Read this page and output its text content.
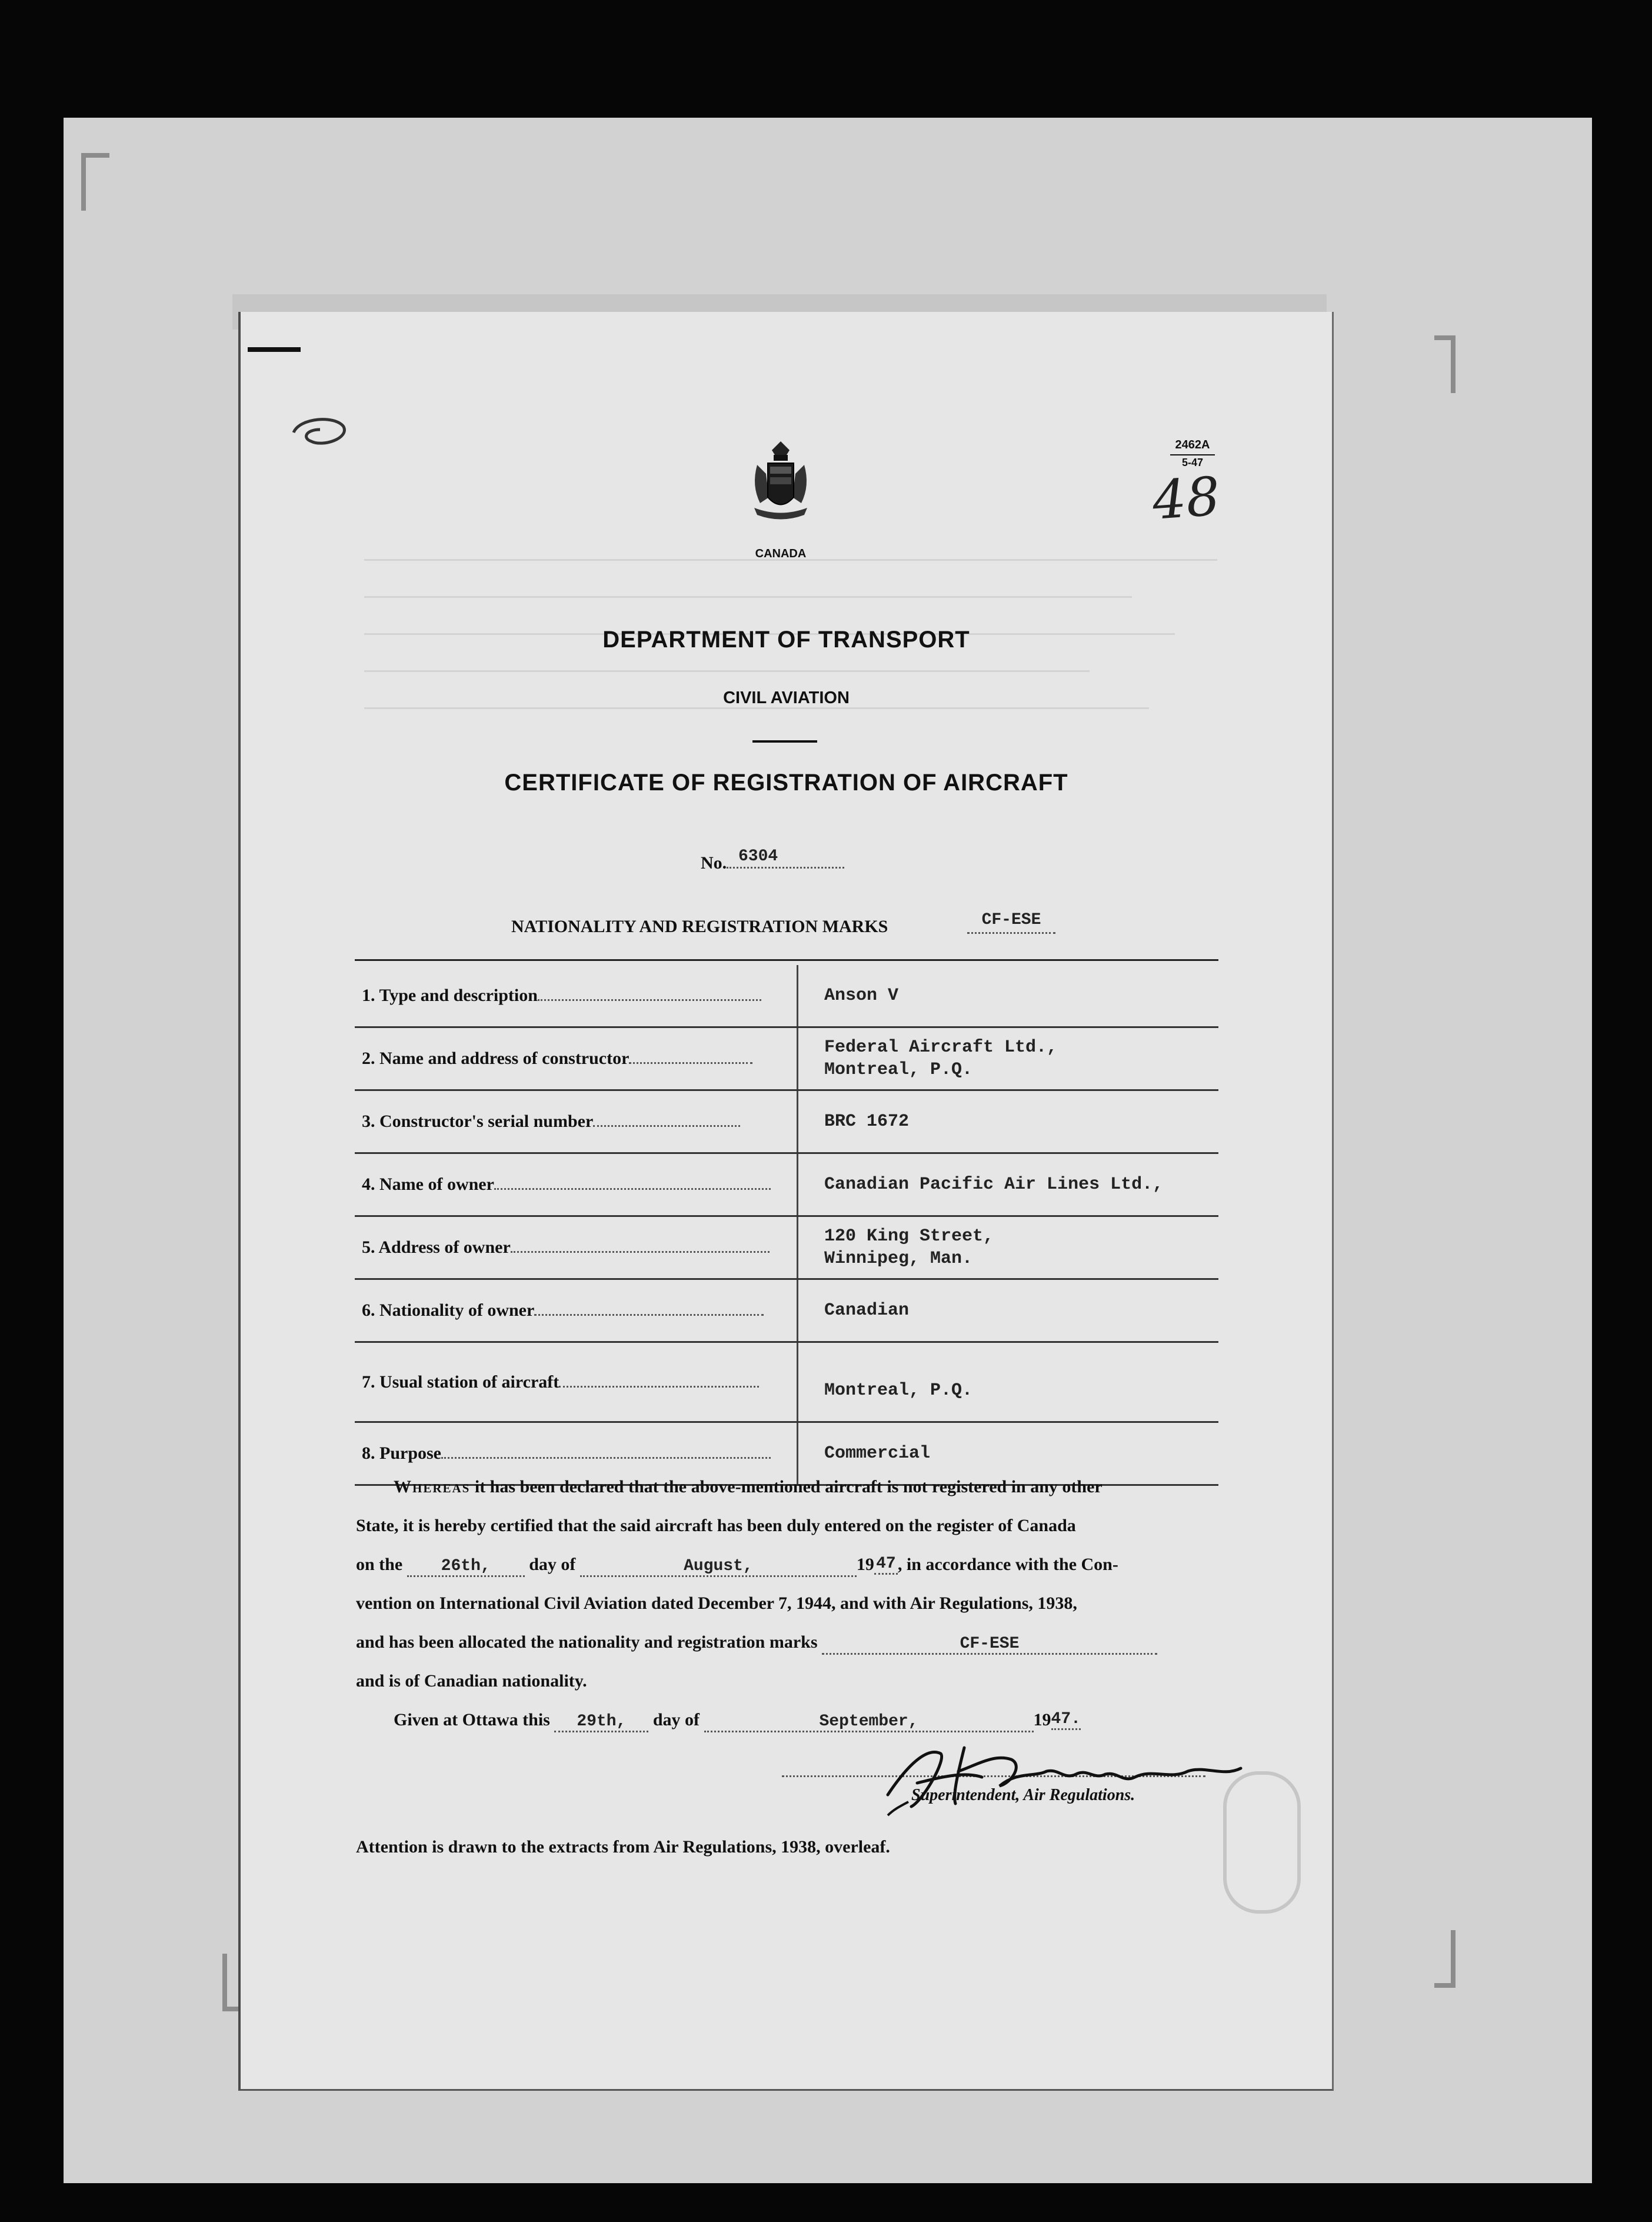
2462A
5-47
48
CANADA
DEPARTMENT OF TRANSPORT
CIVIL AVIATION
CERTIFICATE OF REGISTRATION OF AIRCRAFT
No. 6304
NATIONALITY AND REGISTRATION MARKS	CF-ESE
1. Type and description	Anson V

2. Name and address of constructor	Federal Aircraft Ltd.,
Montreal, P.Q.

3. Constructor's serial number	BRC 1672

4. Name of owner	Canadian Pacific Air Lines Ltd.,

5. Address of owner	120 King Street,
Winnipeg, Man.

6. Nationality of owner	Canadian

7. Usual station of aircraft	Montreal, P.Q.

8. Purpose	Commercial
Whereas it has been declared that the above-mentioned aircraft is not registered in any other
State, it is hereby certified that the said aircraft has been duly entered on the register of Canada
on the 26th, day of	August,	19 47 , in accordance with the Con-
vention on International Civil Aviation dated December 7, 1944, and with Air Regulations, 1938,
and has been allocated the nationality and registration marks	CF-ESE
and is of Canadian nationality.
Given at Ottawa this 29th, day of	September,	1947.
Superintendent, Air Regulations.
Attention is drawn to the extracts from Air Regulations, 1938, overleaf.
